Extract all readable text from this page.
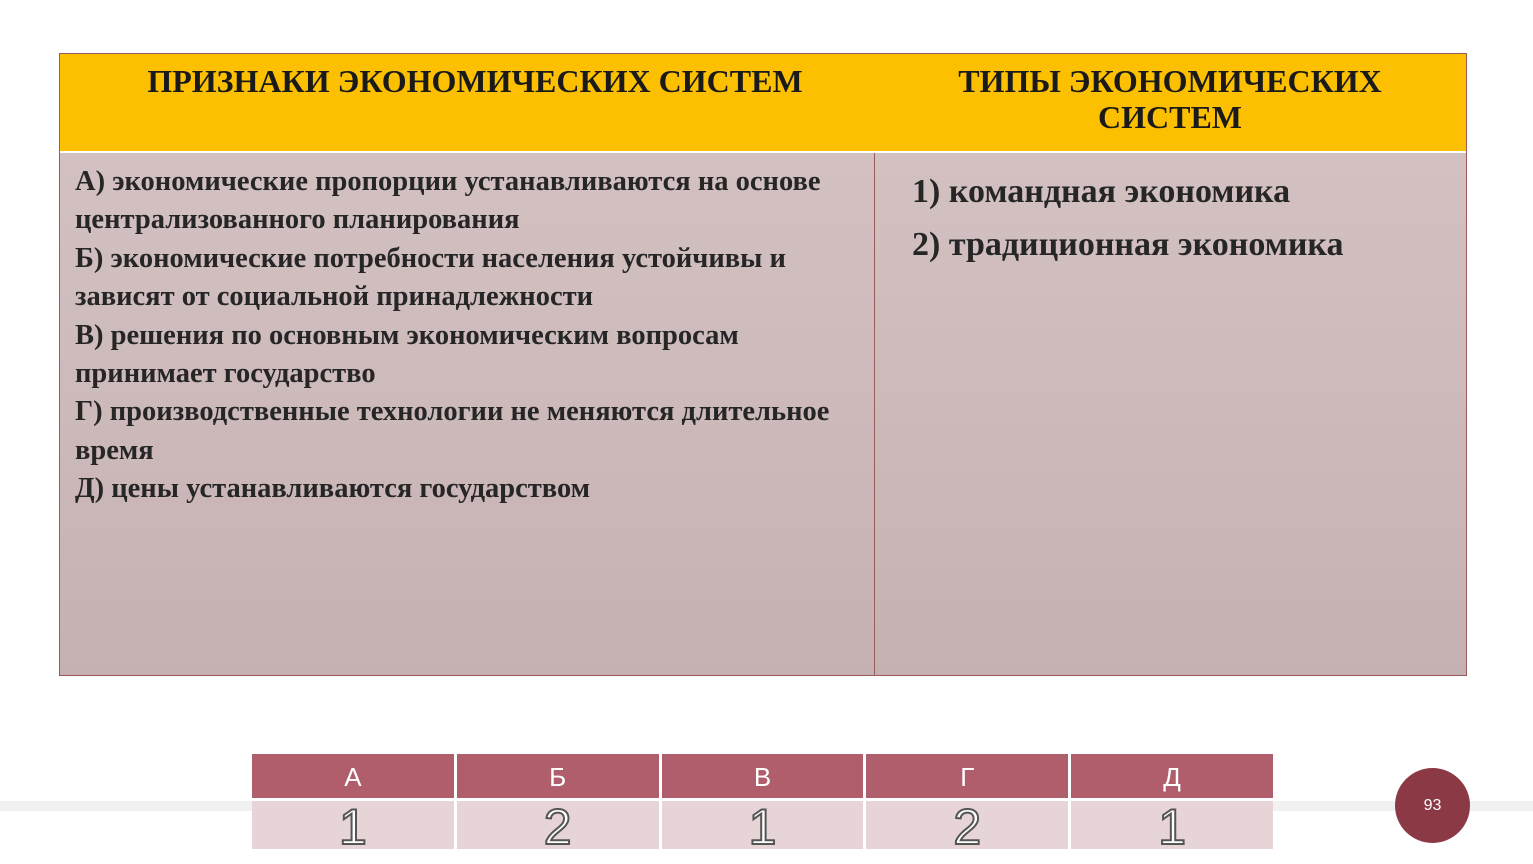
ПРИЗНАКИ ЭКОНОМИЧЕСКИХ СИСТЕМ	ТИПЫ ЭКОНОМИЧЕСКИХ
СИСТЕМ
А) экономические пропорции устанавливаются на основе централизованного планирования
Б) экономические потребности населения устойчивы и зависят от социальной принадлежности
В) решения по основным экономическим вопросам принимает государство
Г) производственные технологии не меняются длительное время
Д) цены устанавливаются государством
1) командная экономика
2) традиционная экономика
А	Б	В	Г	Д
1	2	1	2	1	93
